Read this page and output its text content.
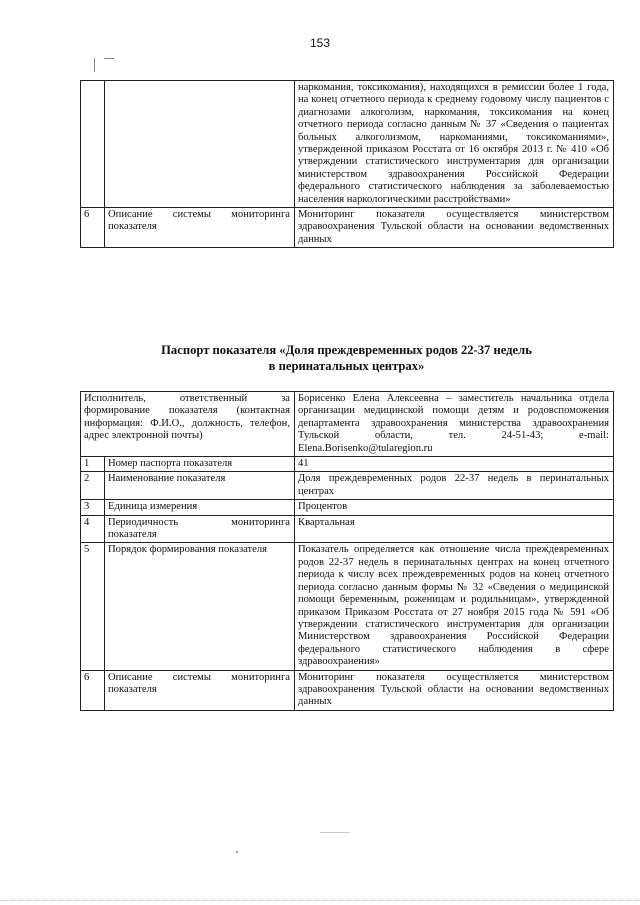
153
		наркомания, токсикомания), находящихся в ремиссии более 1 года, на конец отчетного периода к среднему годовому числу пациентов с диагнозами алкоголизм, наркомания, токсикомания на конец отчетного периода согласно данным № 37 «Сведения о пациентах больных алкоголизмом, наркоманиями, токсикоманиями», утвержденной приказом Росстата от 16 октября 2013 г. № 410 «Об утверждении статистического инструментария для организации министерством здравоохранения Российской Федерации федерального статистического наблюдения за заболеваемостью населения наркологическими расстройствами»
6	Описание системы мониторинга показателя	Мониторинг показателя осуществляется министерством здравоохранения Тульской области на основании ведомственных данных
Паспорт показателя «Доля преждевременных родов 22-37 недель
в перинатальных центрах»
Исполнитель, ответственный за формирование показателя (контактная информация: Ф.И.О., должность, телефон, адрес электронной почты)		Борисенко Елена Алексеевна – заместитель начальника отдела организации медицинской помощи детям и родовспоможения департамента здравоохранения министерства здравоохранения Тульской области, тел. 24-51-43; e-mail: Elena.Borisenko@tularegion.ru
1	Номер паспорта показателя	41
2	Наименование показателя	Доля преждевременных родов 22-37 недель в перинатальных центрах
3	Единица измерения	Процентов
4	Периодичность мониторинга показателя	Квартальная
5	Порядок формирования показателя	Показатель определяется как отношение числа преждевременных родов 22-37 недель в перинатальных центрах на конец отчетного периода к числу всех преждевременных родов на конец отчетного периода согласно данным формы № 32 «Сведения о медицинской помощи беременным, роженицам и родильницам», утвержденной приказом Приказом Росстата от 27 ноября 2015 года № 591 «Об утверждении статистического инструментария для организации Министерством здравоохранения Российской Федерации федерального статистического наблюдения в сфере здравоохранения»
6	Описание системы мониторинга показателя	Мониторинг показателя осуществляется министерством здравоохранения Тульской области на основании ведомственных данных
